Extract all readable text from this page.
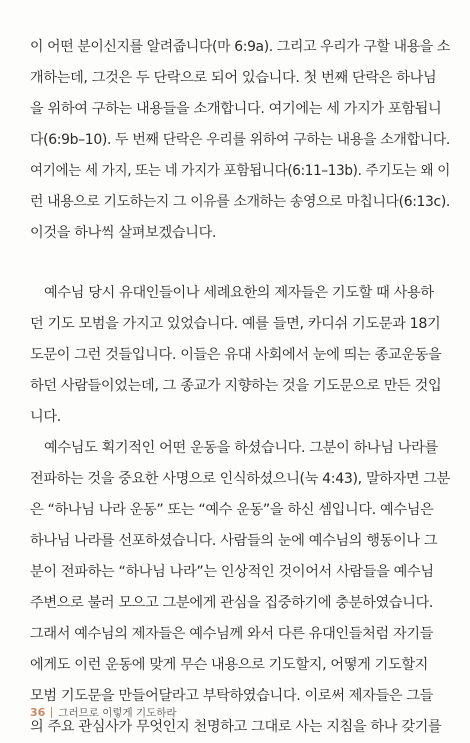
이 어떤 분이신지를 알려줍니다(마 6:9a). 그리고 우리가 구할 내용을 소
개하는데, 그것은 두 단락으로 되어 있습니다. 첫 번째 단락은 하나님
을 위하여 구하는 내용들을 소개합니다. 여기에는 세 가지가 포함됩니
다(6:9b–10). 두 번째 단락은 우리를 위하여 구하는 내용을 소개합니다.
여기에는 세 가지, 또는 네 가지가 포함됩니다(6:11–13b). 주기도는 왜 이
런 내용으로 기도하는지 그 이유를 소개하는 송영으로 마칩니다(6:13c).
이것을 하나씩 살펴보겠습니다.
예수님 당시 유대인들이나 세례요한의 제자들은 기도할 때 사용하
던 기도 모범을 가지고 있었습니다. 예를 들면, 카디쉬 기도문과 18기
도문이 그런 것들입니다. 이들은 유대 사회에서 눈에 띄는 종교운동을
하던 사람들이었는데, 그 종교가 지향하는 것을 기도문으로 만든 것입
니다.
예수님도 획기적인 어떤 운동을 하셨습니다. 그분이 하나님 나라를
전파하는 것을 중요한 사명으로 인식하셨으니(눅 4:43), 말하자면 그분
은 “하나님 나라 운동” 또는 “예수 운동”을 하신 셈입니다. 예수님은
하나님 나라를 선포하셨습니다. 사람들의 눈에 예수님의 행동이나 그
분이 전파하는 “하나님 나라”는 인상적인 것이어서 사람들을 예수님
주변으로 불러 모으고 그분에게 관심을 집중하기에 충분하였습니다.
그래서 예수님의 제자들은 예수님께 와서 다른 유대인들처럼 자기들
에게도 이런 운동에 맞게 무슨 내용으로 기도할지, 어떻게 기도할지
모범 기도문을 만들어달라고 부탁하였습니다. 이로써 제자들은 그들
의 주요 관심사가 무엇인지 천명하고 그대로 사는 지침을 하나 갖기를
36 그러므로 이렇게 기도하라
